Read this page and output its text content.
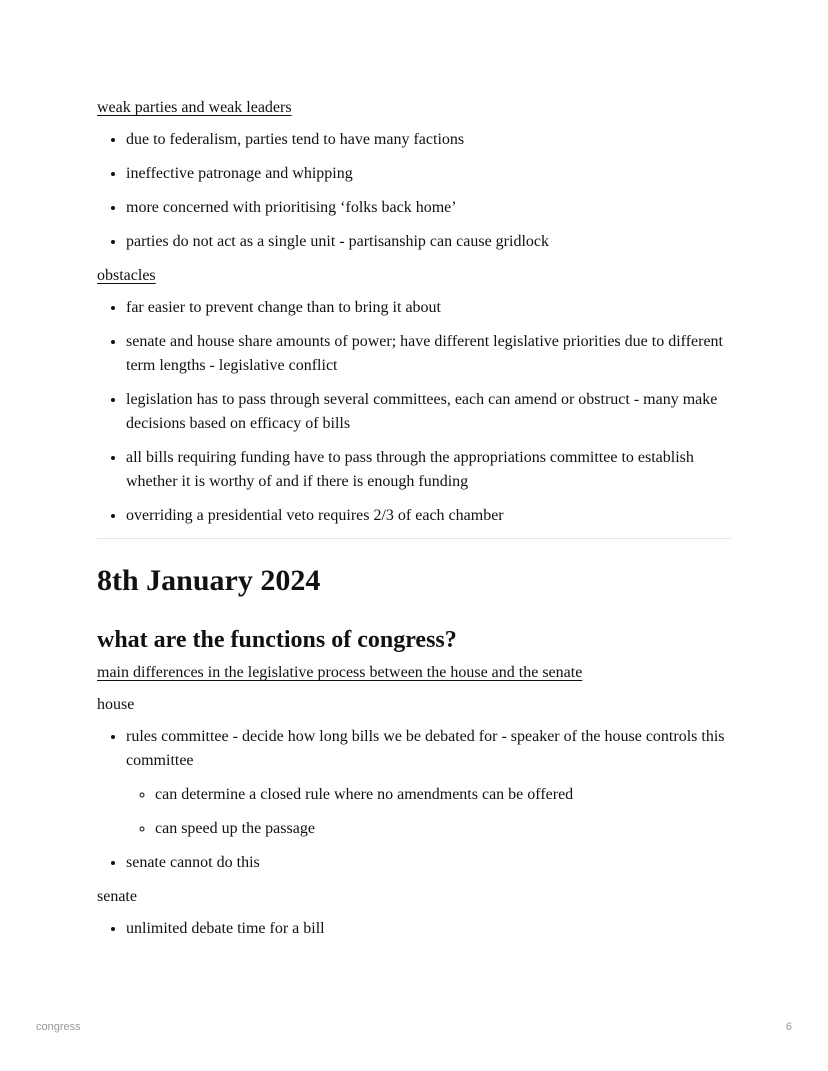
weak parties and weak leaders
• due to federalism, parties tend to have many factions
• ineffective patronage and whipping
• more concerned with prioritising ‘folks back home’
• parties do not act as a single unit - partisanship can cause gridlock
obstacles
• far easier to prevent change than to bring it about
• senate and house share amounts of power; have different legislative priorities due to different term lengths - legislative conflict
• legislation has to pass through several committees, each can amend or obstruct - many make decisions based on efficacy of bills
• all bills requiring funding have to pass through the appropriations committee to establish whether it is worthy of and if there is enough funding
• overriding a presidential veto requires 2/3 of each chamber
8th January 2024
what are the functions of congress?
main differences in the legislative process between the house and the senate

house

• rules committee - decide how long bills we be debated for - speaker of the house controls this committee
◦ can determine a closed rule where no amendments can be offered
◦ can speed up the passage
• senate cannot do this

senate

• unlimited debate time for a bill
congress	6
